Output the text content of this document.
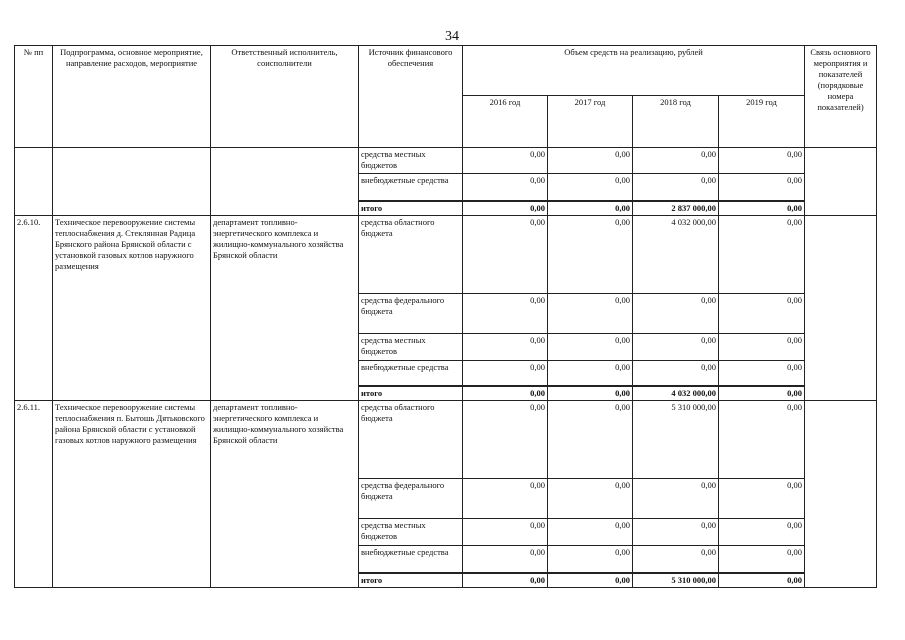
34
№ пп	Подпрограмма, основное мероприятие, направление расходов, мероприятие	Ответственный исполнитель, соисполнители	Источник финансового обеспечения	Объем средств на реализацию, рублей				Связь основного мероприятия и показателей (порядковые номера показателей)
				2016 год	2017 год	2018 год	2019 год	
			средства местных бюджетов	0,00	0,00	0,00	0,00	
			внебюджетные средства	0,00	0,00	0,00	0,00	
			итого	0,00	0,00	2 837 000,00	0,00	
2.6.10.	Техническое перевооружение системы теплоснабжения д. Стеклянная Радица Брянского района Брянской области с установкой газовых котлов наружного размещения	департамент топливно-энергетического комплекса и жилищно-коммунального хозяйства Брянской области	средства областного бюджета	0,00	0,00	4 032 000,00	0,00	
			средства федерального бюджета	0,00	0,00	0,00	0,00	
			средства местных бюджетов	0,00	0,00	0,00	0,00	
			внебюджетные средства	0,00	0,00	0,00	0,00	
			итого	0,00	0,00	4 032 000,00	0,00	
2.6.11.	Техническое перевооружение системы теплоснабжения п. Бытошь Дятьковского района Брянской области с установкой газовых котлов наружного размещения	департамент топливно-энергетического комплекса и жилищно-коммунального хозяйства Брянской области	средства областного бюджета	0,00	0,00	5 310 000,00	0,00	
			средства федерального бюджета	0,00	0,00	0,00	0,00	
			средства местных бюджетов	0,00	0,00	0,00	0,00	
			внебюджетные средства	0,00	0,00	0,00	0,00	
			итого	0,00	0,00	5 310 000,00	0,00	
